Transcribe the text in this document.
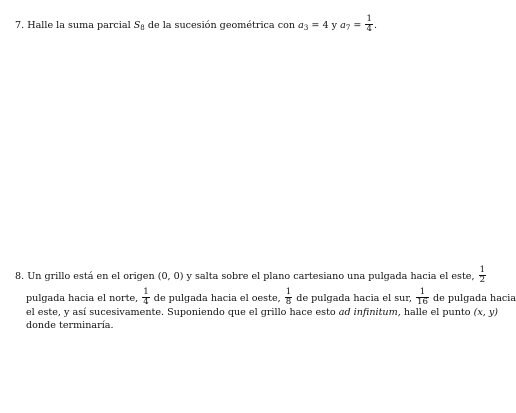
7. Halle la suma parcial $S_8$ de la sucesión geométrica con $a_3 = 4$ y $a_7 = \frac{1}{4}$ .
8. Un grillo está en el origen (0, 0) y salta sobre el plano cartesiano una pulgada hacia el este, $\frac{1}{2}$
pulgada hacia el norte, $\frac{1}{4}$ de pulgada hacia el oeste, $\frac{1}{8}$ de pulgada hacia el sur, $\frac{1}{16}$ de pulgada hacia
el este, y así sucesivamente. Suponiendo que el grillo hace esto ad infinitum, halle el punto (x, y)
donde terminaría.
